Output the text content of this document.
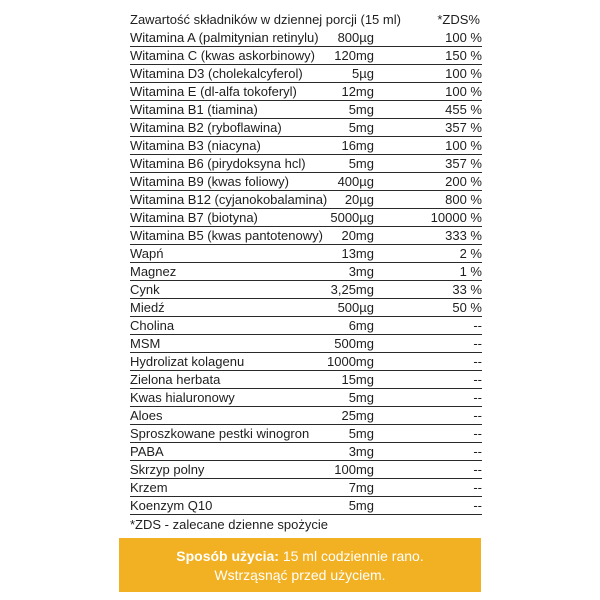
Zawartość składników w dziennej porcji (15 ml)	*ZDS%
Witamina A (palmitynian retinylu) 800µg	100 %
Witamina C (kwas askorbinowy) 120mg	150 %
Witamina D3 (cholekalcyferol)	5µg	100 %
Witamina E (dl-alfa tokoferyl)	12mg	100 %
Witamina B1 (tiamina)	5mg	455 %
Witamina B2 (ryboflawina)	5mg	357 %
Witamina B3 (niacyna)	16mg	100 %
Witamina B6 (pirydoksyna hcl)	5mg	357 %
Witamina B9 (kwas foliowy)	400µg	200 %
Witamina B12 (cyjanokobalamina) 20µg	800 %
Witamina B7 (biotyna)	5000µg	10000 %
Witamina B5 (kwas pantotenowy) 20mg	333 %
Wapń	13mg	2 %
Magnez	3mg	1 %
Cynk	3,25mg	33 %
Miedź	500µg	50 %
Cholina	6mg	--
MSM	500mg	--
Hydrolizat kolagenu	1000mg	--
Zielona herbata	15mg	--
Kwas hialuronowy	5mg	--
Aloes	25mg	--
Sproszkowane pestki winogron	5mg	--
PABA	3mg	--
Skrzyp polny	100mg	--
Krzem	7mg	--
Koenzym Q10	5mg	--
*ZDS - zalecane dzienne spożycie
Sposób użycia: 15 ml codziennie rano.
Wstrząsnąć przed użyciem.
